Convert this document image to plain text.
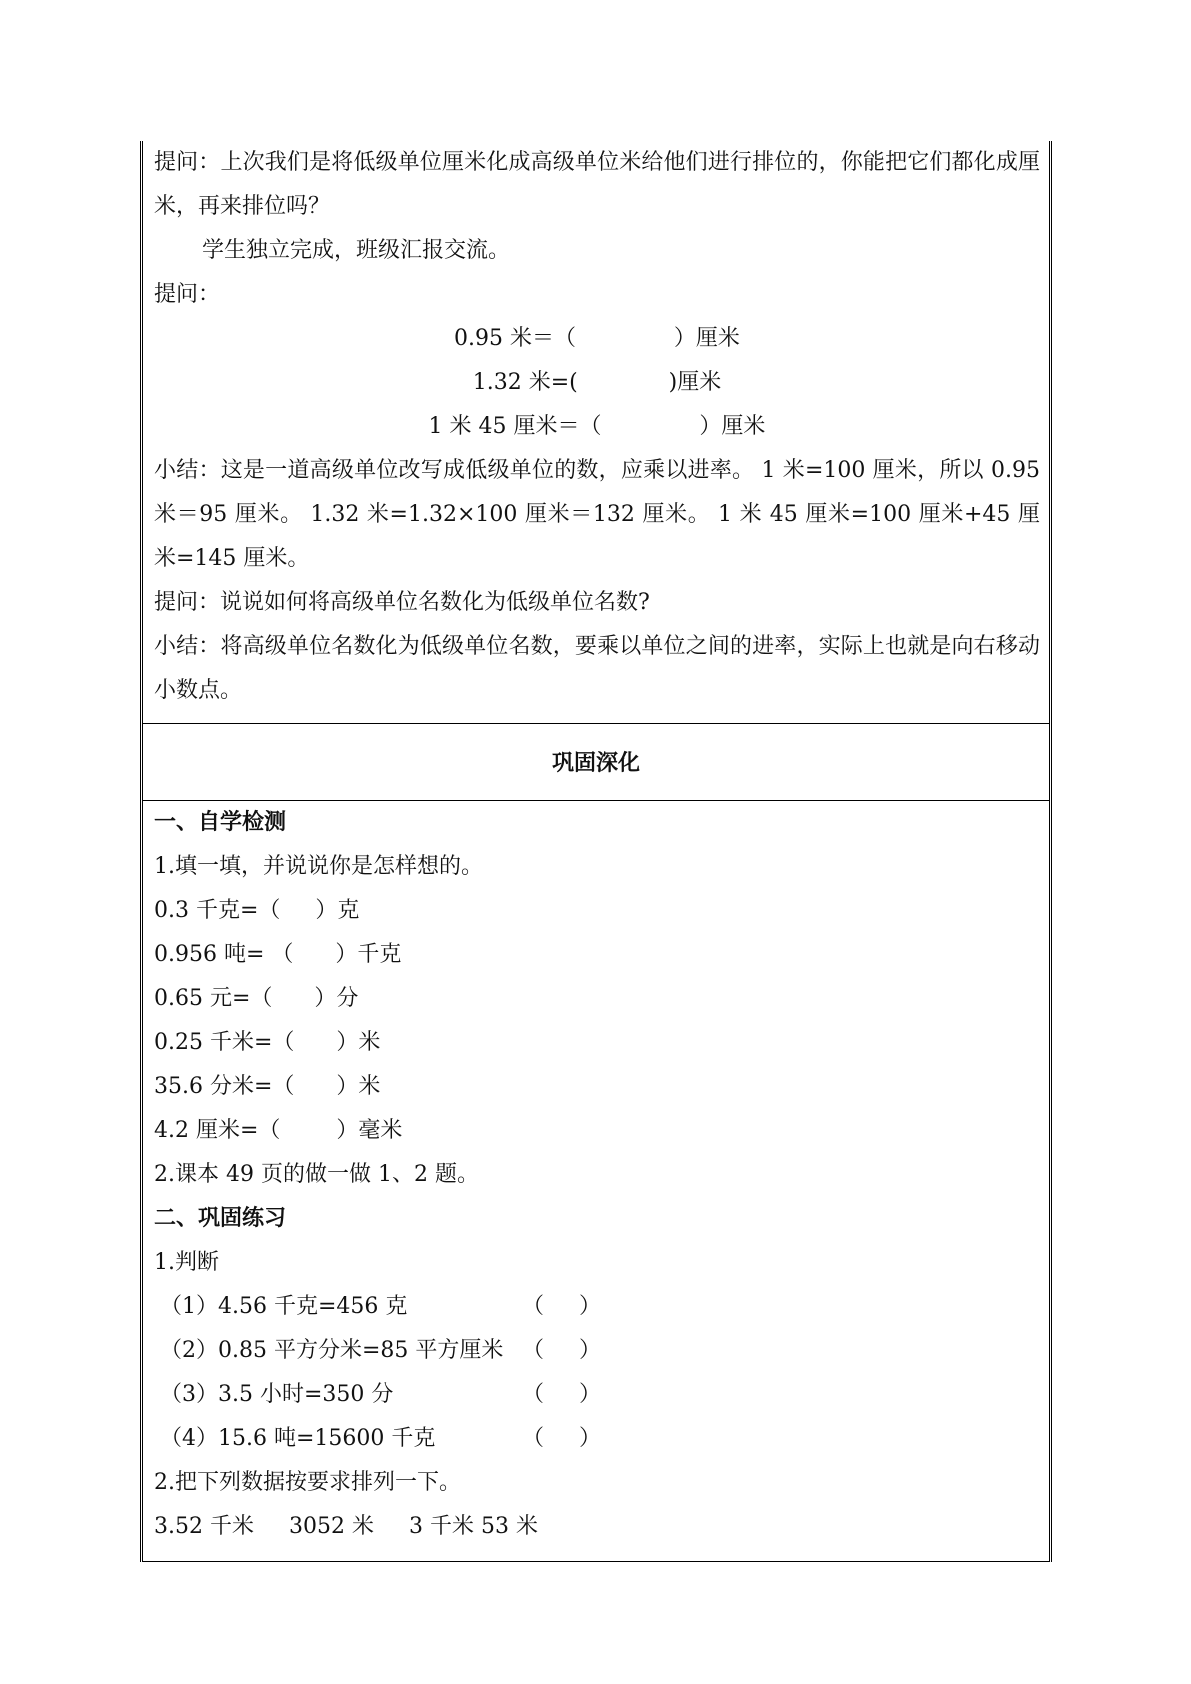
提问：上次我们是将低级单位厘米化成高级单位米给他们进行排位的，你能把它们都化成厘米，再来排位吗？

学生独立完成，班级汇报交流。

提问：

0.95 米＝（              ）厘米

1.32 米=(             )厘米

1 米 45 厘米＝（              ）厘米

小结：这是一道高级单位改写成低级单位的数，应乘以进率。 1 米=100 厘米，所以 0.95 米＝95 厘米。 1.32 米=1.32×100 厘米＝132 厘米。 1 米 45 厘米=100 厘米+45 厘米=145 厘米。

提问：说说如何将高级单位名数化为低级单位名数?

小结：将高级单位名数化为低级单位名数，要乘以单位之间的进率，实际上也就是向右移动小数点。

巩固深化

一、自学检测

1.填一填，并说说你是怎样想的。

0.3 千克=（     ）克

0.956 吨= （      ）千克

0.65 元=（      ）分

0.25 千米=（      ）米

35.6 分米=（      ）米

4.2 厘米=（        ）毫米

2.课本 49 页的做一做 1、2 题。

二、巩固练习

1.判断

（1）4.56 千克=456 克	（     ）

（2）0.85 平方分米=85 平方厘米 （     ）

（3）3.5 小时=350 分	（     ）

（4）15.6 吨=15600 千克	（     ）

2.把下列数据按要求排列一下。

3.52 千米 3052 米 3 千米 53 米
